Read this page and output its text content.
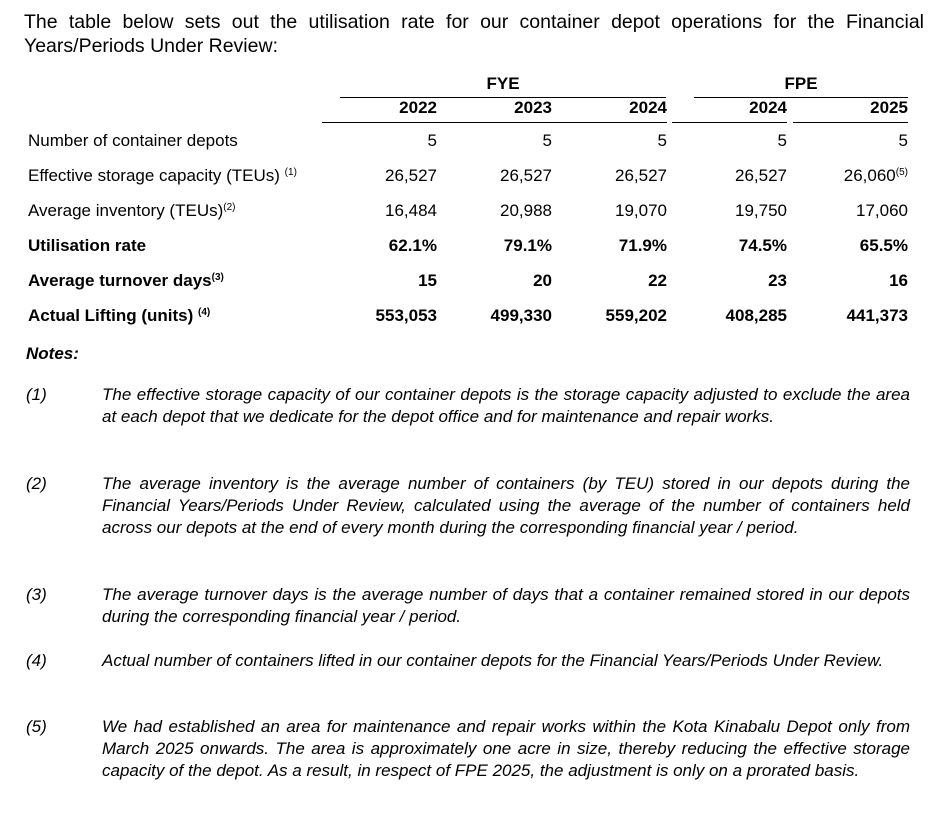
The table below sets out the utilisation rate for our container depot operations for the Financial Years/Periods Under Review:
FYE	FPE
2022	2023	2024	2024	2025
Number of container depots	5	5	5	5	5
Effective storage capacity (TEUs) $^{(1)}$	26,527	26,527	26,527	26,527	26,060$^{(5)}$
Average inventory (TEUs)$^{(2)}$	16,484	20,988	19,070	19,750	17,060
Utilisation rate	62.1%	79.1%	71.9%	74.5%	65.5%
Average turnover days$^{(3)}$	15	20	22	23	16
Actual Lifting (units) $^{(4)}$	553,053	499,330	559,202	408,285	441,373
Notes:
(1)	The effective storage capacity of our container depots is the storage capacity adjusted to exclude the area at each depot that we dedicate for the depot office and for maintenance and repair works.
(2)	The average inventory is the average number of containers (by TEU) stored in our depots during the Financial Years/Periods Under Review, calculated using the average of the number of containers held across our depots at the end of every month during the corresponding financial year / period.
(3)	The average turnover days is the average number of days that a container remained stored in our depots during the corresponding financial year / period.
(4)	Actual number of containers lifted in our container depots for the Financial Years/Periods Under Review.
(5)	We had established an area for maintenance and repair works within the Kota Kinabalu Depot only from March 2025 onwards. The area is approximately one acre in size, thereby reducing the effective storage capacity of the depot. As a result, in respect of FPE 2025, the adjustment is only on a prorated basis.
